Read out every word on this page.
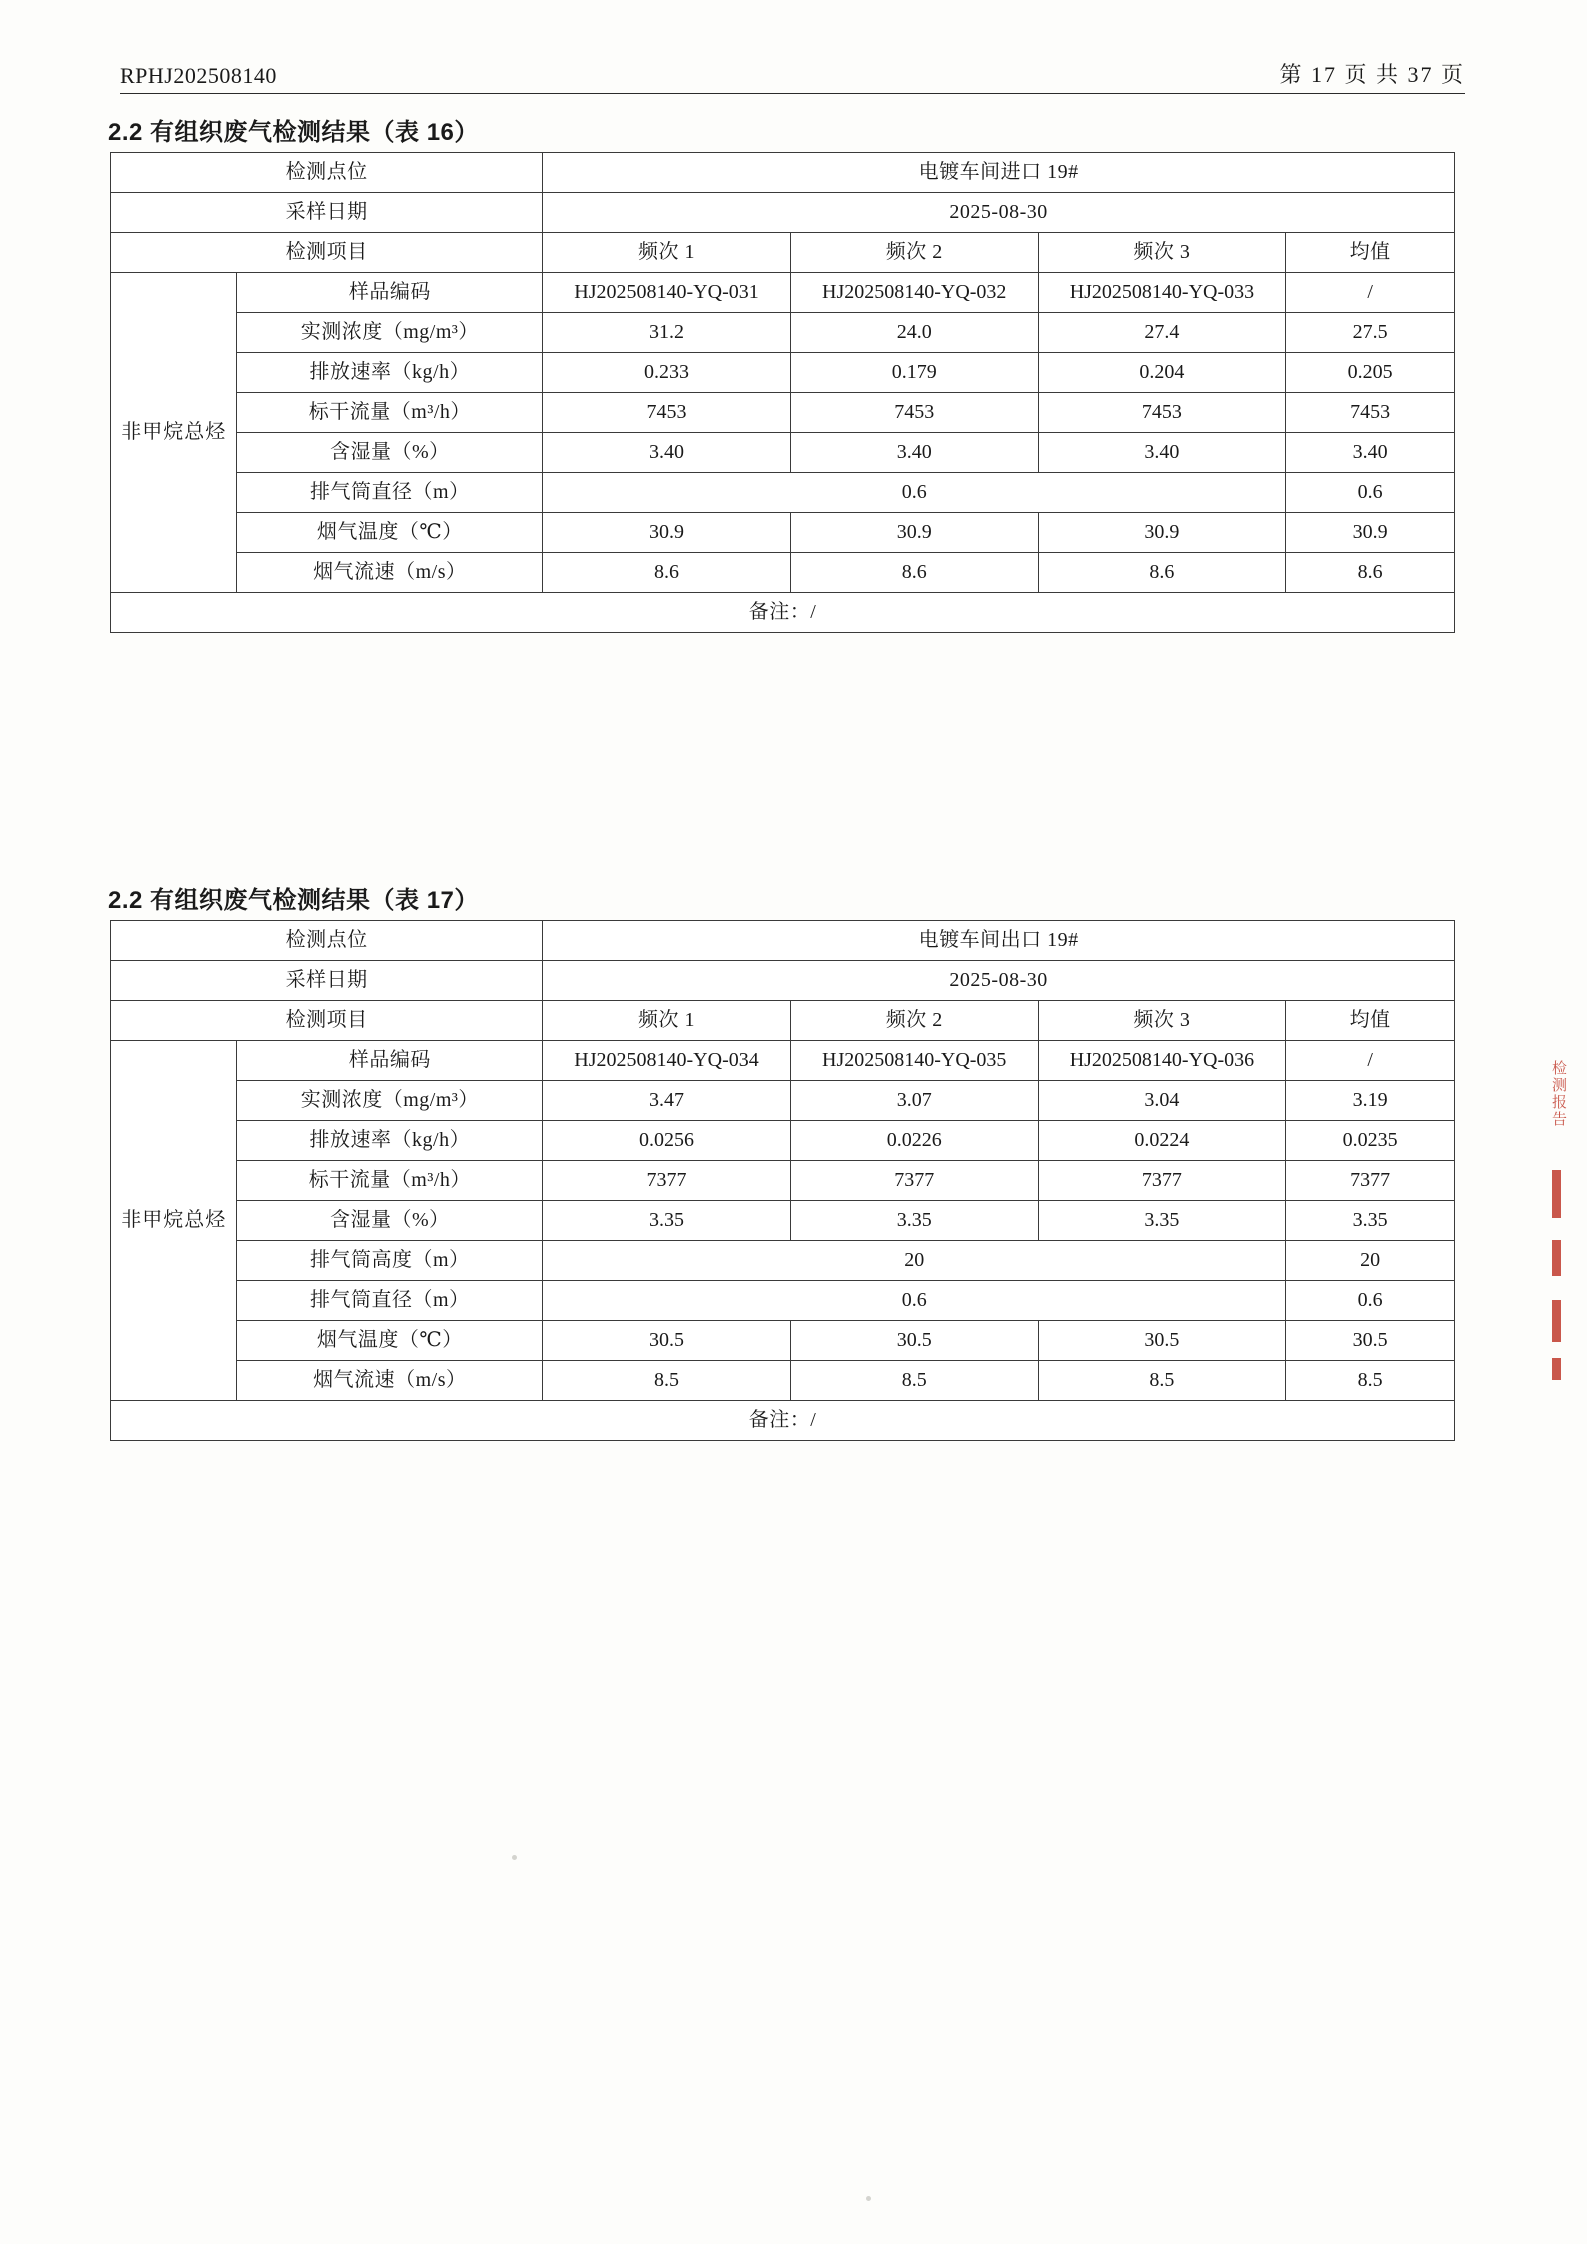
RPHJ202508140	第 17 页 共 37 页
2.2 有组织废气检测结果（表 16）
检测点位		电镀车间进口 19#			
采样日期		2025-08-30			
检测项目		频次 1	频次 2	频次 3	均值
非甲烷总烃	样品编码	HJ202508140-YQ-031	HJ202508140-YQ-032	HJ202508140-YQ-033	/
	实测浓度（mg/m³）	31.2	24.0	27.4	27.5
	排放速率（kg/h）	0.233	0.179	0.204	0.205
	标干流量（m³/h）	7453	7453	7453	7453
	含湿量（%）	3.40	3.40	3.40	3.40
	排气筒直径（m）	0.6			0.6
	烟气温度（℃）	30.9	30.9	30.9	30.9
	烟气流速（m/s）	8.6	8.6	8.6	8.6
备注：/					
2.2 有组织废气检测结果（表 17）
检测点位		电镀车间出口 19#			
采样日期		2025-08-30			
检测项目		频次 1	频次 2	频次 3	均值
非甲烷总烃	样品编码	HJ202508140-YQ-034	HJ202508140-YQ-035	HJ202508140-YQ-036	/
	实测浓度（mg/m³）	3.47	3.07	3.04	3.19
	排放速率（kg/h）	0.0256	0.0226	0.0224	0.0235
	标干流量（m³/h）	7377	7377	7377	7377
	含湿量（%）	3.35	3.35	3.35	3.35
	排气筒高度（m）	20			20
	排气筒直径（m）	0.6			0.6
	烟气温度（℃）	30.5	30.5	30.5	30.5
	烟气流速（m/s）	8.5	8.5	8.5	8.5
备注：/					
检测报告
